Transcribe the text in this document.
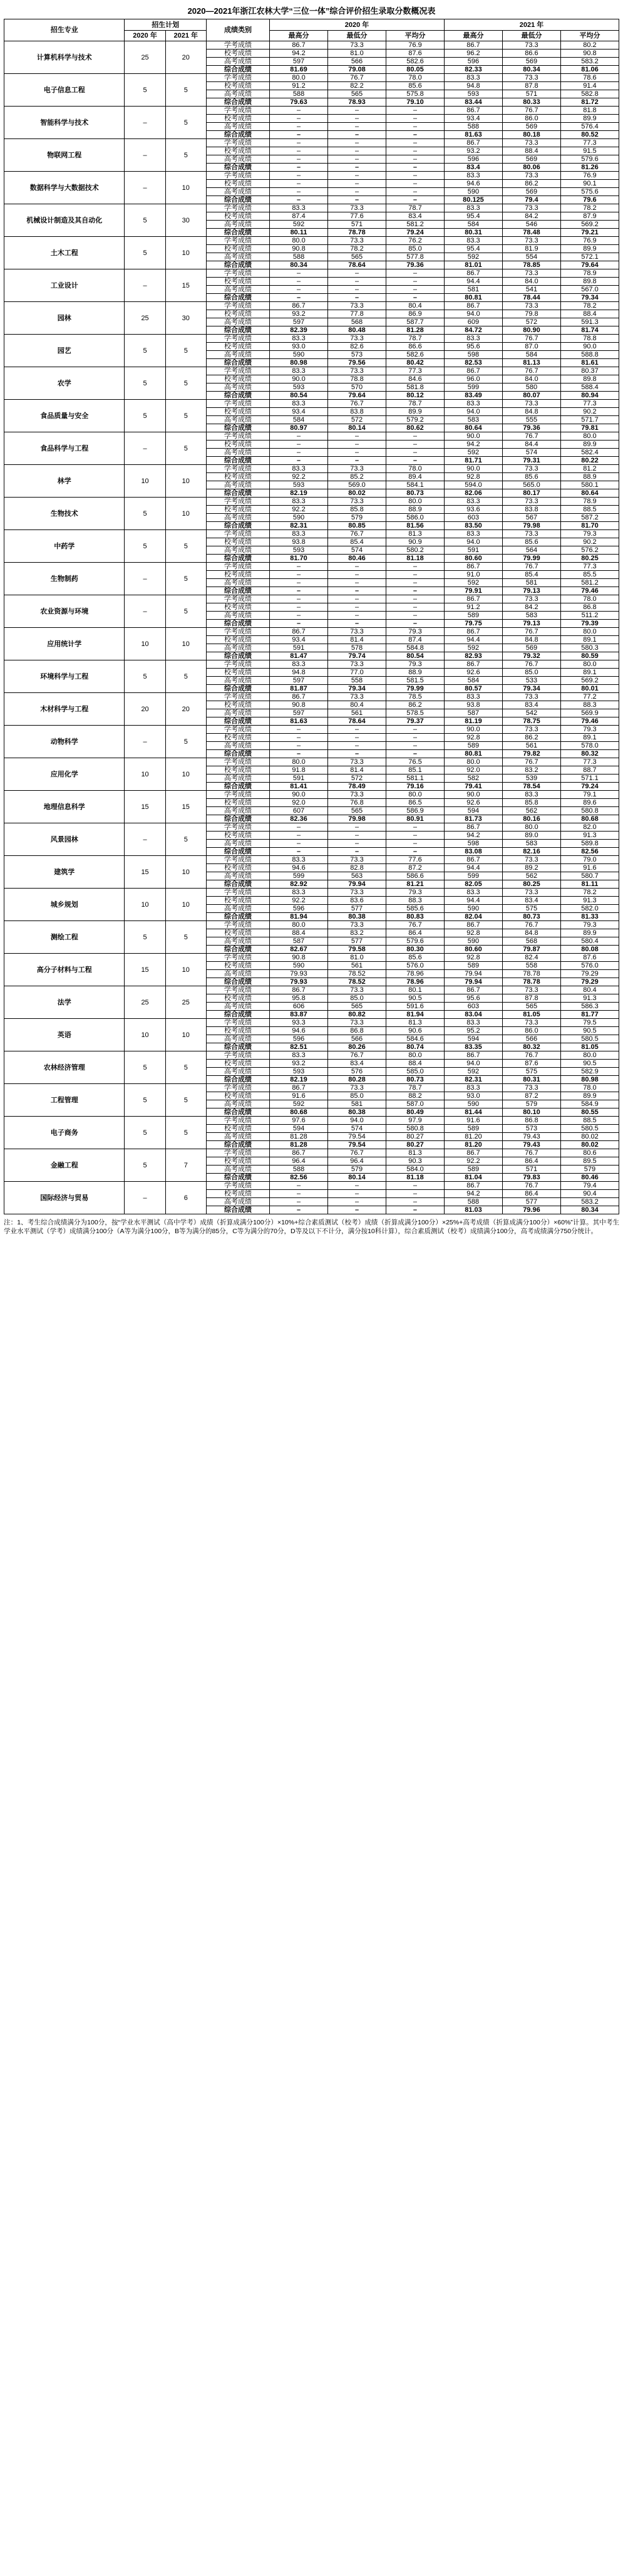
2020—2021年浙江农林大学“三位一体”综合评价招生录取分数概况表
招生专业	招生计划		成绩类别	2020 年			2021 年		
	2020 年	2021 年		最高分	最低分	平均分	最高分	最低分	平均分
计算机科学与技术	25	20	学考成绩	86.7	73.3	76.9	86.7	73.3	80.2
			校考成绩	94.2	81.0	87.6	96.2	86.6	90.8
			高考成绩	597	566	582.6	596	569	583.2
			综合成绩	81.69	79.08	80.05	82.33	80.34	81.06
电子信息工程	5	5	学考成绩	80.0	76.7	78.0	83.3	73.3	78.6
			校考成绩	91.2	82.2	85.6	94.8	87.8	91.4
			高考成绩	588	565	575.8	593	571	582.8
			综合成绩	79.63	78.93	79.10	83.44	80.33	81.72
智能科学与技术	–	5	学考成绩	–	–	–	86.7	76.7	81.8
			校考成绩	–	–	–	93.4	86.0	89.9
			高考成绩	–	–	–	588	569	576.4
			综合成绩	–	–	–	81.63	80.18	80.52
物联网工程	–	5	学考成绩	–	–	–	86.7	73.3	77.3
			校考成绩	–	–	–	93.2	88.4	91.5
			高考成绩	–	–	–	596	569	579.6
			综合成绩	–	–	–	83.4	80.06	81.26
数据科学与大数据技术	–	10	学考成绩	–	–	–	83.3	73.3	76.9
			校考成绩	–	–	–	94.6	86.2	90.1
			高考成绩	–	–	–	590	569	575.6
			综合成绩	–	–	–	80.125	79.4	79.6
机械设计制造及其自动化	5	30	学考成绩	83.3	73.3	78.7	83.3	73.3	78.2
			校考成绩	87.4	77.6	83.4	95.4	84.2	87.9
			高考成绩	592	571	581.2	584	546	569.2
			综合成绩	80.11	78.78	79.24	80.31	78.48	79.21
土木工程	5	10	学考成绩	80.0	73.3	76.2	83.3	73.3	76.9
			校考成绩	90.8	78.2	85.0	95.4	81.9	89.9
			高考成绩	588	565	577.8	592	554	572.1
			综合成绩	80.34	78.64	79.36	81.01	78.85	79.64
工业设计	–	15	学考成绩	–	–	–	86.7	73.3	78.9
			校考成绩	–	–	–	94.4	84.0	89.8
			高考成绩	–	–	–	581	541	567.0
			综合成绩	–	–	–	80.81	78.44	79.34
园林	25	30	学考成绩	86.7	73.3	80.4	86.7	73.3	78.2
			校考成绩	93.2	77.8	86.9	94.0	79.8	88.4
			高考成绩	597	568	587.7	609	572	591.3
			综合成绩	82.39	80.48	81.28	84.72	80.90	81.74
园艺	5	5	学考成绩	83.3	73.3	78.7	83.3	76.7	78.8
			校考成绩	93.0	82.6	86.6	95.6	87.0	90.0
			高考成绩	590	573	582.6	598	584	588.8
			综合成绩	80.98	79.56	80.42	82.53	81.13	81.61
农学	5	5	学考成绩	83.3	73.3	77.3	86.7	76.7	80.37
			校考成绩	90.0	78.8	84.6	96.0	84.0	89.8
			高考成绩	593	570	581.8	599	580	588.4
			综合成绩	80.54	79.64	80.12	83.49	80.07	80.94
食品质量与安全	5	5	学考成绩	83.3	76.7	78.7	83.3	73.3	77.3
			校考成绩	93.4	83.8	89.9	94.0	84.8	90.2
			高考成绩	584	572	579.2	583	555	571.7
			综合成绩	80.97	80.14	80.62	80.64	79.36	79.81
食品科学与工程	–	5	学考成绩	–	–	–	90.0	76.7	80.0
			校考成绩	–	–	–	94.2	84.4	89.9
			高考成绩	–	–	–	592	574	582.4
			综合成绩	–	–	–	81.71	79.31	80.22
林学	10	10	学考成绩	83.3	73.3	78.0	90.0	73.3	81.2
			校考成绩	92.2	85.2	89.4	92.8	85.6	88.9
			高考成绩	593	569.0	584.1	594.0	565.0	580.1
			综合成绩	82.19	80.02	80.73	82.06	80.17	80.64
生物技术	5	10	学考成绩	83.3	73.3	80.0	83.3	73.3	78.9
			校考成绩	92.2	85.8	88.9	93.6	83.8	88.5
			高考成绩	590	579	586.0	603	567	587.2
			综合成绩	82.31	80.85	81.56	83.50	79.98	81.70
中药学	5	5	学考成绩	83.3	76.7	81.3	83.3	73.3	79.3
			校考成绩	93.8	85.4	90.9	94.0	85.6	90.2
			高考成绩	593	574	580.2	591	564	576.2
			综合成绩	81.70	80.46	81.18	80.60	79.99	80.25
生物制药	–	5	学考成绩	–	–	–	86.7	76.7	77.3
			校考成绩	–	–	–	91.0	85.4	85.5
			高考成绩	–	–	–	592	581	581.2
			综合成绩	–	–	–	79.91	79.13	79.46
农业资源与环境	–	5	学考成绩	–	–	–	86.7	73.3	78.0
			校考成绩	–	–	–	91.2	84.2	86.8
			高考成绩	–	–	–	589	583	511.2
			综合成绩	–	–	–	79.75	79.13	79.39
应用统计学	10	10	学考成绩	86.7	73.3	79.3	86.7	76.7	80.0
			校考成绩	93.4	81.4	87.4	94.4	84.8	89.1
			高考成绩	591	578	584.8	592	569	580.3
			综合成绩	81.47	79.74	80.54	82.93	79.32	80.59
环境科学与工程	5	5	学考成绩	83.3	73.3	79.3	86.7	76.7	80.0
			校考成绩	94.8	77.0	88.9	92.6	85.0	89.1
			高考成绩	597	558	581.5	584	533	569.2
			综合成绩	81.87	79.34	79.99	80.57	79.34	80.01
木材科学与工程	20	20	学考成绩	86.7	73.3	78.5	83.3	73.3	77.2
			校考成绩	90.8	80.4	86.2	93.8	83.4	88.3
			高考成绩	597	561	578.5	587	542	569.9
			综合成绩	81.63	78.64	79.37	81.19	78.75	79.46
动物科学	–	5	学考成绩	–	–	–	90.0	73.3	79.3
			校考成绩	–	–	–	92.8	86.2	89.1
			高考成绩	–	–	–	589	561	578.0
			综合成绩	–	–	–	80.81	79.82	80.32
应用化学	10	10	学考成绩	80.0	73.3	76.5	80.0	76.7	77.3
			校考成绩	91.8	81.4	85.1	92.0	83.2	88.7
			高考成绩	591	572	581.1	582	539	571.1
			综合成绩	81.41	78.49	79.16	79.41	78.54	79.24
地理信息科学	15	15	学考成绩	90.0	73.3	80.0	90.0	83.3	79.1
			校考成绩	92.0	76.8	86.5	92.6	85.8	89.6
			高考成绩	607	565	586.9	594	562	580.8
			综合成绩	82.36	79.98	80.91	81.73	80.16	80.68
风景园林	–	5	学考成绩	–	–	–	86.7	80.0	82.0
			校考成绩	–	–	–	94.2	89.0	91.3
			高考成绩	–	–	–	598	583	589.8
			综合成绩	–	–	–	83.08	82.16	82.56
建筑学	15	10	学考成绩	83.3	73.3	77.6	86.7	73.3	79.0
			校考成绩	94.6	82.8	87.2	94.4	89.2	91.6
			高考成绩	599	563	586.6	599	562	580.7
			综合成绩	82.92	79.94	81.21	82.05	80.25	81.11
城乡规划	10	10	学考成绩	83.3	73.3	79.3	83.3	73.3	78.2
			校考成绩	92.2	83.6	88.3	94.4	83.4	91.3
			高考成绩	596	577	585.6	590	575	582.0
			综合成绩	81.94	80.38	80.83	82.04	80.73	81.33
测绘工程	5	5	学考成绩	80.0	73.3	76.7	86.7	76.7	79.3
			校考成绩	88.4	83.2	86.4	92.8	84.8	89.9
			高考成绩	587	577	579.6	590	568	580.4
			综合成绩	82.67	79.58	80.30	80.60	79.87	80.08
高分子材料与工程	15	10	学考成绩	90.8	81.0	85.6	92.8	82.4	87.6
			校考成绩	590	561	576.0	589	558	576.0
			高考成绩	79.93	78.52	78.96	79.94	78.78	79.29
			综合成绩	79.93	78.52	78.96	79.94	78.78	79.29
法学	25	25	学考成绩	86.7	73.3	80.1	86.7	73.3	80.4
			校考成绩	95.8	85.0	90.5	95.6	87.8	91.3
			高考成绩	606	565	591.6	603	565	586.3
			综合成绩	83.87	80.82	81.94	83.04	81.05	81.77
英语	10	10	学考成绩	93.3	73.3	81.3	83.3	73.3	79.5
			校考成绩	94.6	86.8	90.6	95.2	86.0	90.5
			高考成绩	596	566	584.6	594	566	580.5
			综合成绩	82.51	80.26	80.74	83.35	80.32	81.05
农林经济管理	5	5	学考成绩	83.3	76.7	80.0	86.7	76.7	80.0
			校考成绩	93.2	83.4	88.4	94.0	87.6	90.5
			高考成绩	593	576	585.0	592	575	582.9
			综合成绩	82.19	80.28	80.73	82.31	80.31	80.98
工程管理	5	5	学考成绩	86.7	73.3	78.7	83.3	73.3	78.0
			校考成绩	91.6	85.0	88.2	93.0	87.2	89.9
			高考成绩	592	581	587.0	590	579	584.9
			综合成绩	80.68	80.38	80.49	81.44	80.10	80.55
电子商务	5	5	学考成绩	97.6	94.0	97.9	91.6	86.8	88.5
			校考成绩	594	574	580.8	589	573	580.5
			高考成绩	81.28	79.54	80.27	81.20	79.43	80.02
			综合成绩	81.28	79.54	80.27	81.20	79.43	80.02
金融工程	5	7	学考成绩	86.7	76.7	81.3	86.7	76.7	80.6
			校考成绩	96.4	96.4	90.3	92.2	86.4	89.5
			高考成绩	588	579	584.0	589	571	579
			综合成绩	82.56	80.14	81.18	81.04	79.83	80.46
国际经济与贸易	–	6	学考成绩	–	–	–	86.7	76.7	79.4
			校考成绩	–	–	–	94.2	86.4	90.4
			高考成绩	–	–	–	588	577	583.2
			综合成绩	–	–	–	81.03	79.96	80.34
注：1、考生综合成绩满分为100分，按“学业水平测试（高中学考）成绩（折算成满分100分）×10%+综合素质测试（校考）成绩（折算成满分100分）×25%+高考成绩（折算成满分100分）×60%”计算。其中考生学业水平测试（学考）成绩满分100分（A等为满分100分，B等为满分的85分，C等为满分的70分，D等及以下不计分，满分按10科计算），综合素质测试（校考）成绩满分100分，高考成绩满分750分统计。
